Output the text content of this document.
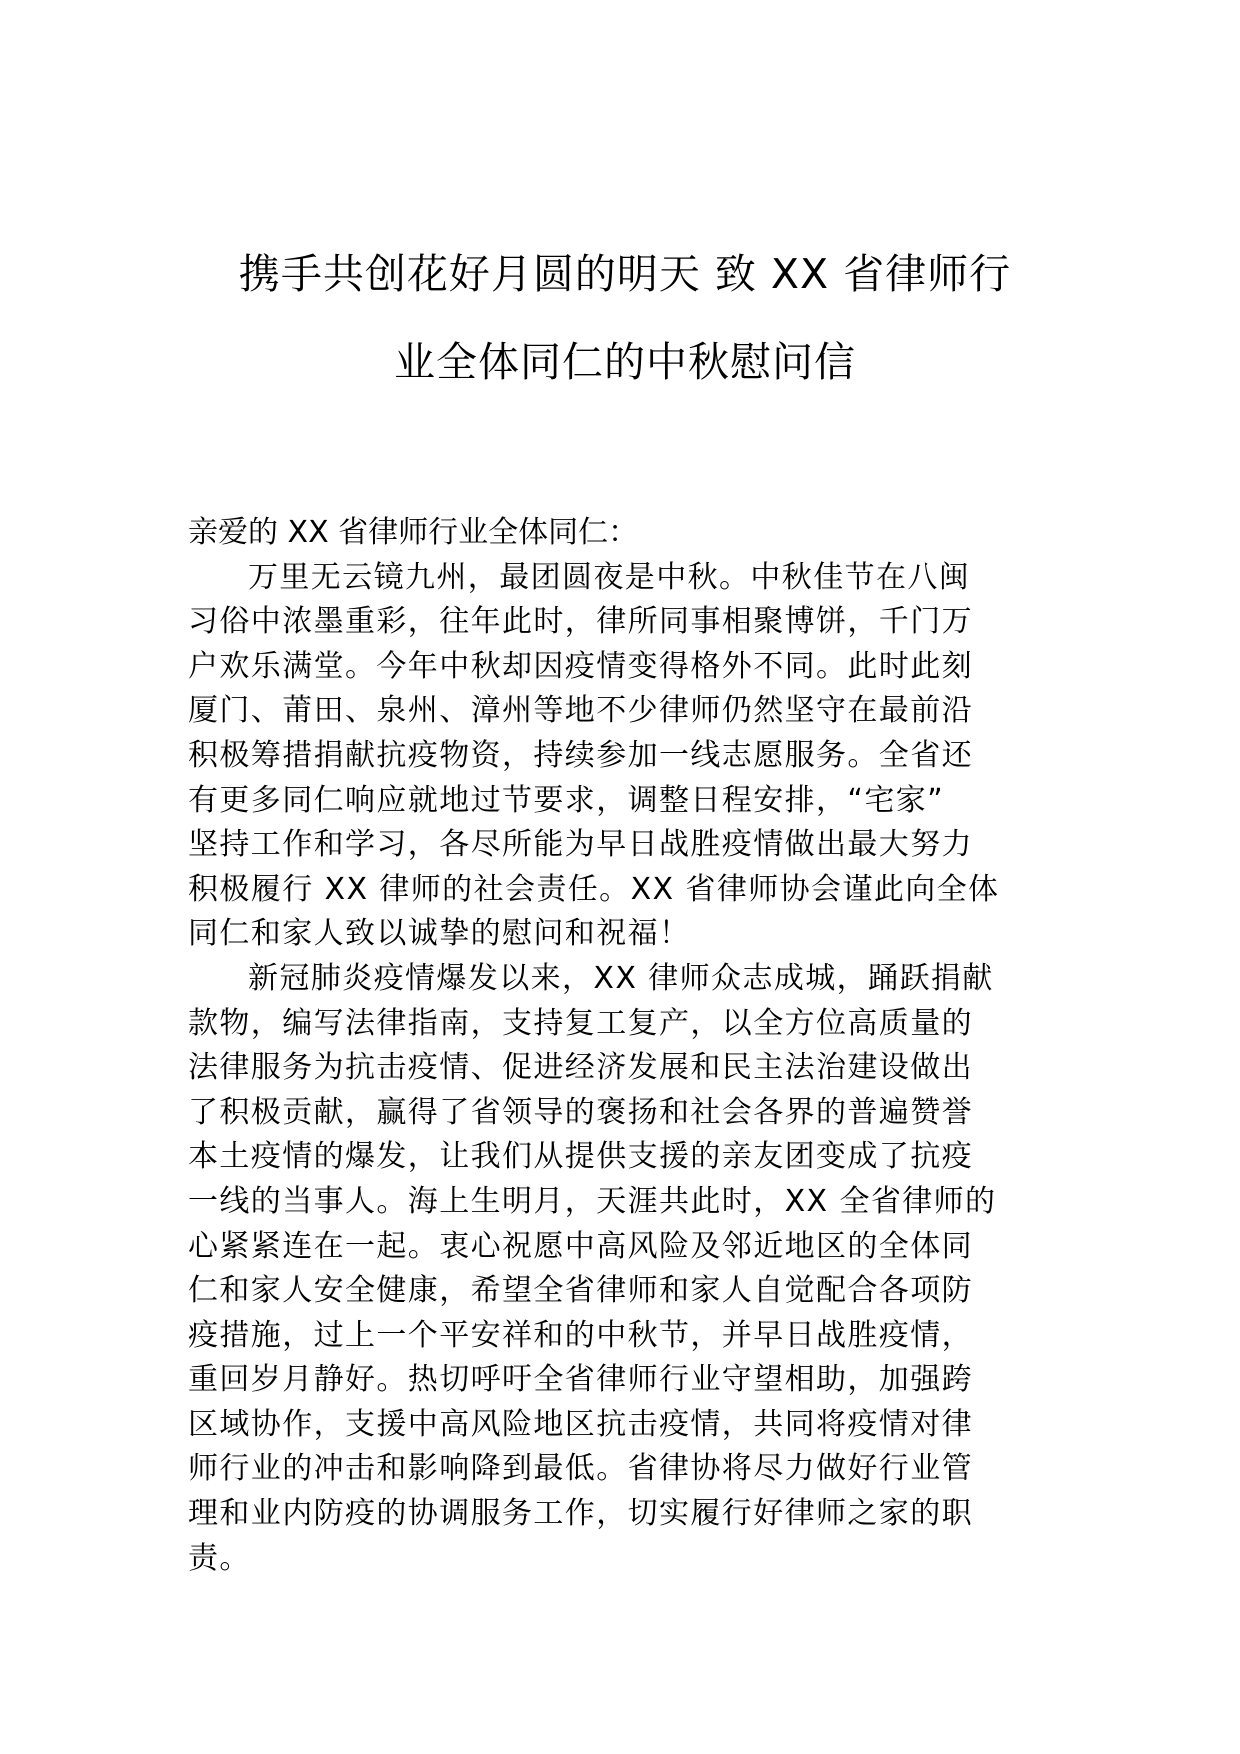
携手共创花好月圆的明天 致 XX 省律师行
业全体同仁的中秋慰问信

亲爱的 XX 省律师行业全体同仁：

万里无云镜九州，最团圆夜是中秋。中秋佳节在八闽
习俗中浓墨重彩，往年此时，律所同事相聚博饼，千门万
户欢乐满堂。今年中秋却因疫情变得格外不同。此时此刻
厦门、莆田、泉州、漳州等地不少律师仍然坚守在最前沿
积极筹措捐献抗疫物资，持续参加一线志愿服务。全省还
有更多同仁响应就地过节要求，调整日程安排，“宅家”
坚持工作和学习，各尽所能为早日战胜疫情做出最大努力
积极履行 XX 律师的社会责任。XX 省律师协会谨此向全体
同仁和家人致以诚挚的慰问和祝福！

新冠肺炎疫情爆发以来，XX 律师众志成城，踊跃捐献
款物，编写法律指南，支持复工复产，以全方位高质量的
法律服务为抗击疫情、促进经济发展和民主法治建设做出
了积极贡献，赢得了省领导的褒扬和社会各界的普遍赞誉
本土疫情的爆发，让我们从提供支援的亲友团变成了抗疫
一线的当事人。海上生明月，天涯共此时，XX 全省律师的
心紧紧连在一起。衷心祝愿中高风险及邻近地区的全体同
仁和家人安全健康，希望全省律师和家人自觉配合各项防
疫措施，过上一个平安祥和的中秋节，并早日战胜疫情，
重回岁月静好。热切呼吁全省律师行业守望相助，加强跨
区域协作，支援中高风险地区抗击疫情，共同将疫情对律
师行业的冲击和影响降到最低。省律协将尽力做好行业管
理和业内防疫的协调服务工作，切实履行好律师之家的职
责。
